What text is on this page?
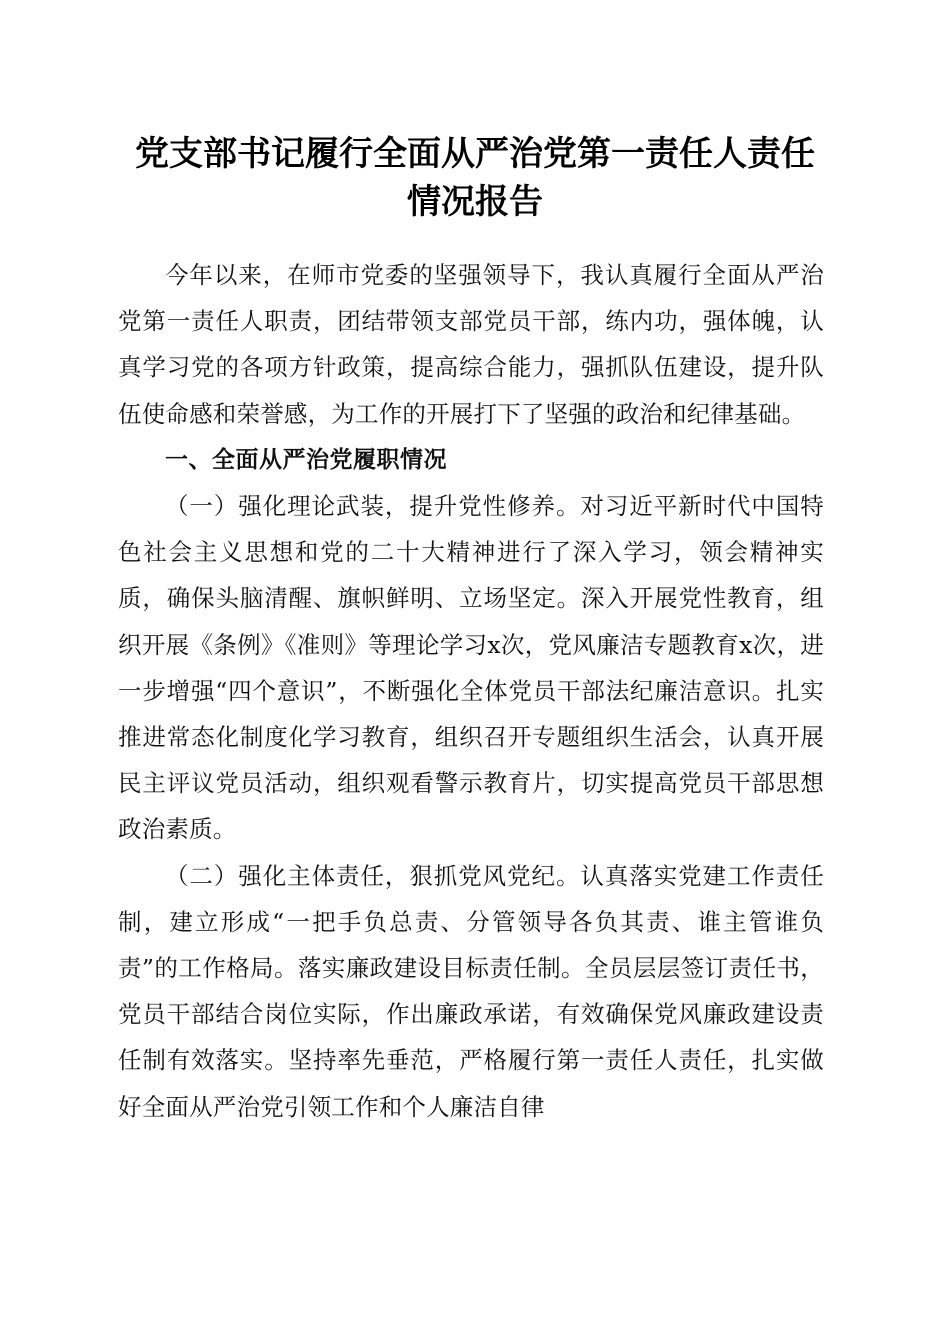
党支部书记履行全面从严治党第一责任人责任
情况报告

今年以来，在师市党委的坚强领导下，我认真履行全面从严治党第一责任人职责，团结带领支部党员干部，练内功，强体魄，认真学习党的各项方针政策，提高综合能力，强抓队伍建设，提升队伍使命感和荣誉感，为工作的开展打下了坚强的政治和纪律基础。

一、全面从严治党履职情况

（一）强化理论武装，提升党性修养。对习近平新时代中国特色社会主义思想和党的二十大精神进行了深入学习，领会精神实质，确保头脑清醒、旗帜鲜明、立场坚定。深入开展党性教育，组织开展《条例》《准则》等理论学习x次，党风廉洁专题教育x次，进一步增强“四个意识”，不断强化全体党员干部法纪廉洁意识。扎实推进常态化制度化学习教育，组织召开专题组织生活会，认真开展民主评议党员活动，组织观看警示教育片，切实提高党员干部思想政治素质。

（二）强化主体责任，狠抓党风党纪。认真落实党建工作责任制，建立形成“一把手负总责、分管领导各负其责、谁主管谁负责”的工作格局。落实廉政建设目标责任制。全员层层签订责任书，党员干部结合岗位实际，作出廉政承诺，有效确保党风廉政建设责任制有效落实。坚持率先垂范，严格履行第一责任人责任，扎实做好全面从严治党引领工作和个人廉洁自律
